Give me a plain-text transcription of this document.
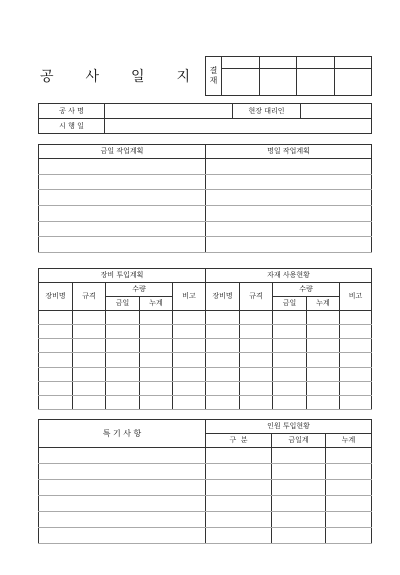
공 사 일 지 결
재				

공 사 명		현장 대리인	
시 행 일			
금일 작업계획	명일 작업계획

장비 투입계획					자재 사용현황				
장비명	규격	수량		비고	장비명	규격	수량		비고
		금일	누계				금일	누계	

특 기 사 항	인원 투입현황		
	구  분	금일계	누계
